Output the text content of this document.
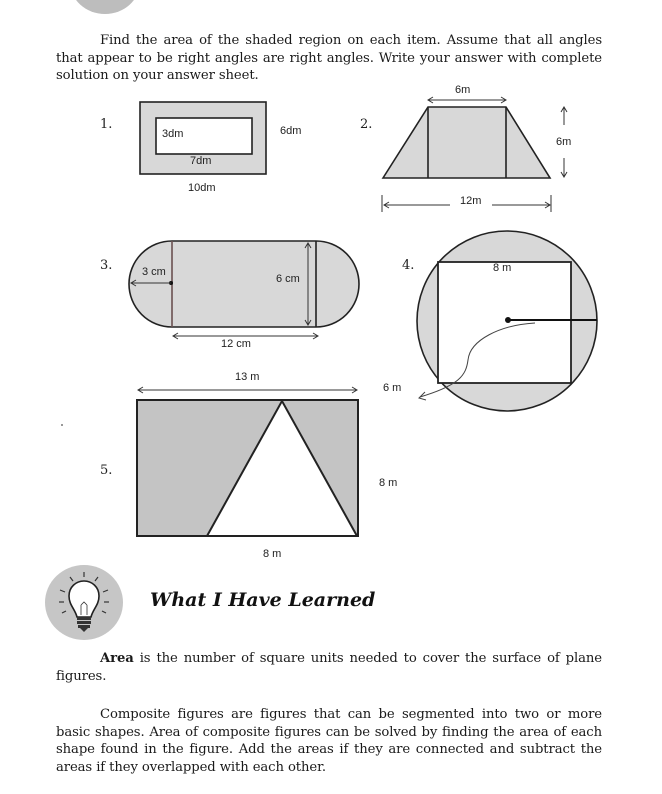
Find the area of the shaded region on each item. Assume that all angles that appear to be right angles are right angles. Write your answer with complete solution on your answer sheet.
1.
3dm
7dm
6dm
10dm
2.
6m
6m
12m
3.	3 cm
6 cm
12 cm
4.	8 m
6 m
5.
13 m
8 m
8 m
What I Have Learned
Area is the number of square units needed to cover the surface of plane figures.
Composite figures are figures that can be segmented into two or more basic shapes. Area of composite figures can be solved by finding the area of each shape found in the figure. Add the areas if they are connected and subtract the areas if they overlapped with each other.
